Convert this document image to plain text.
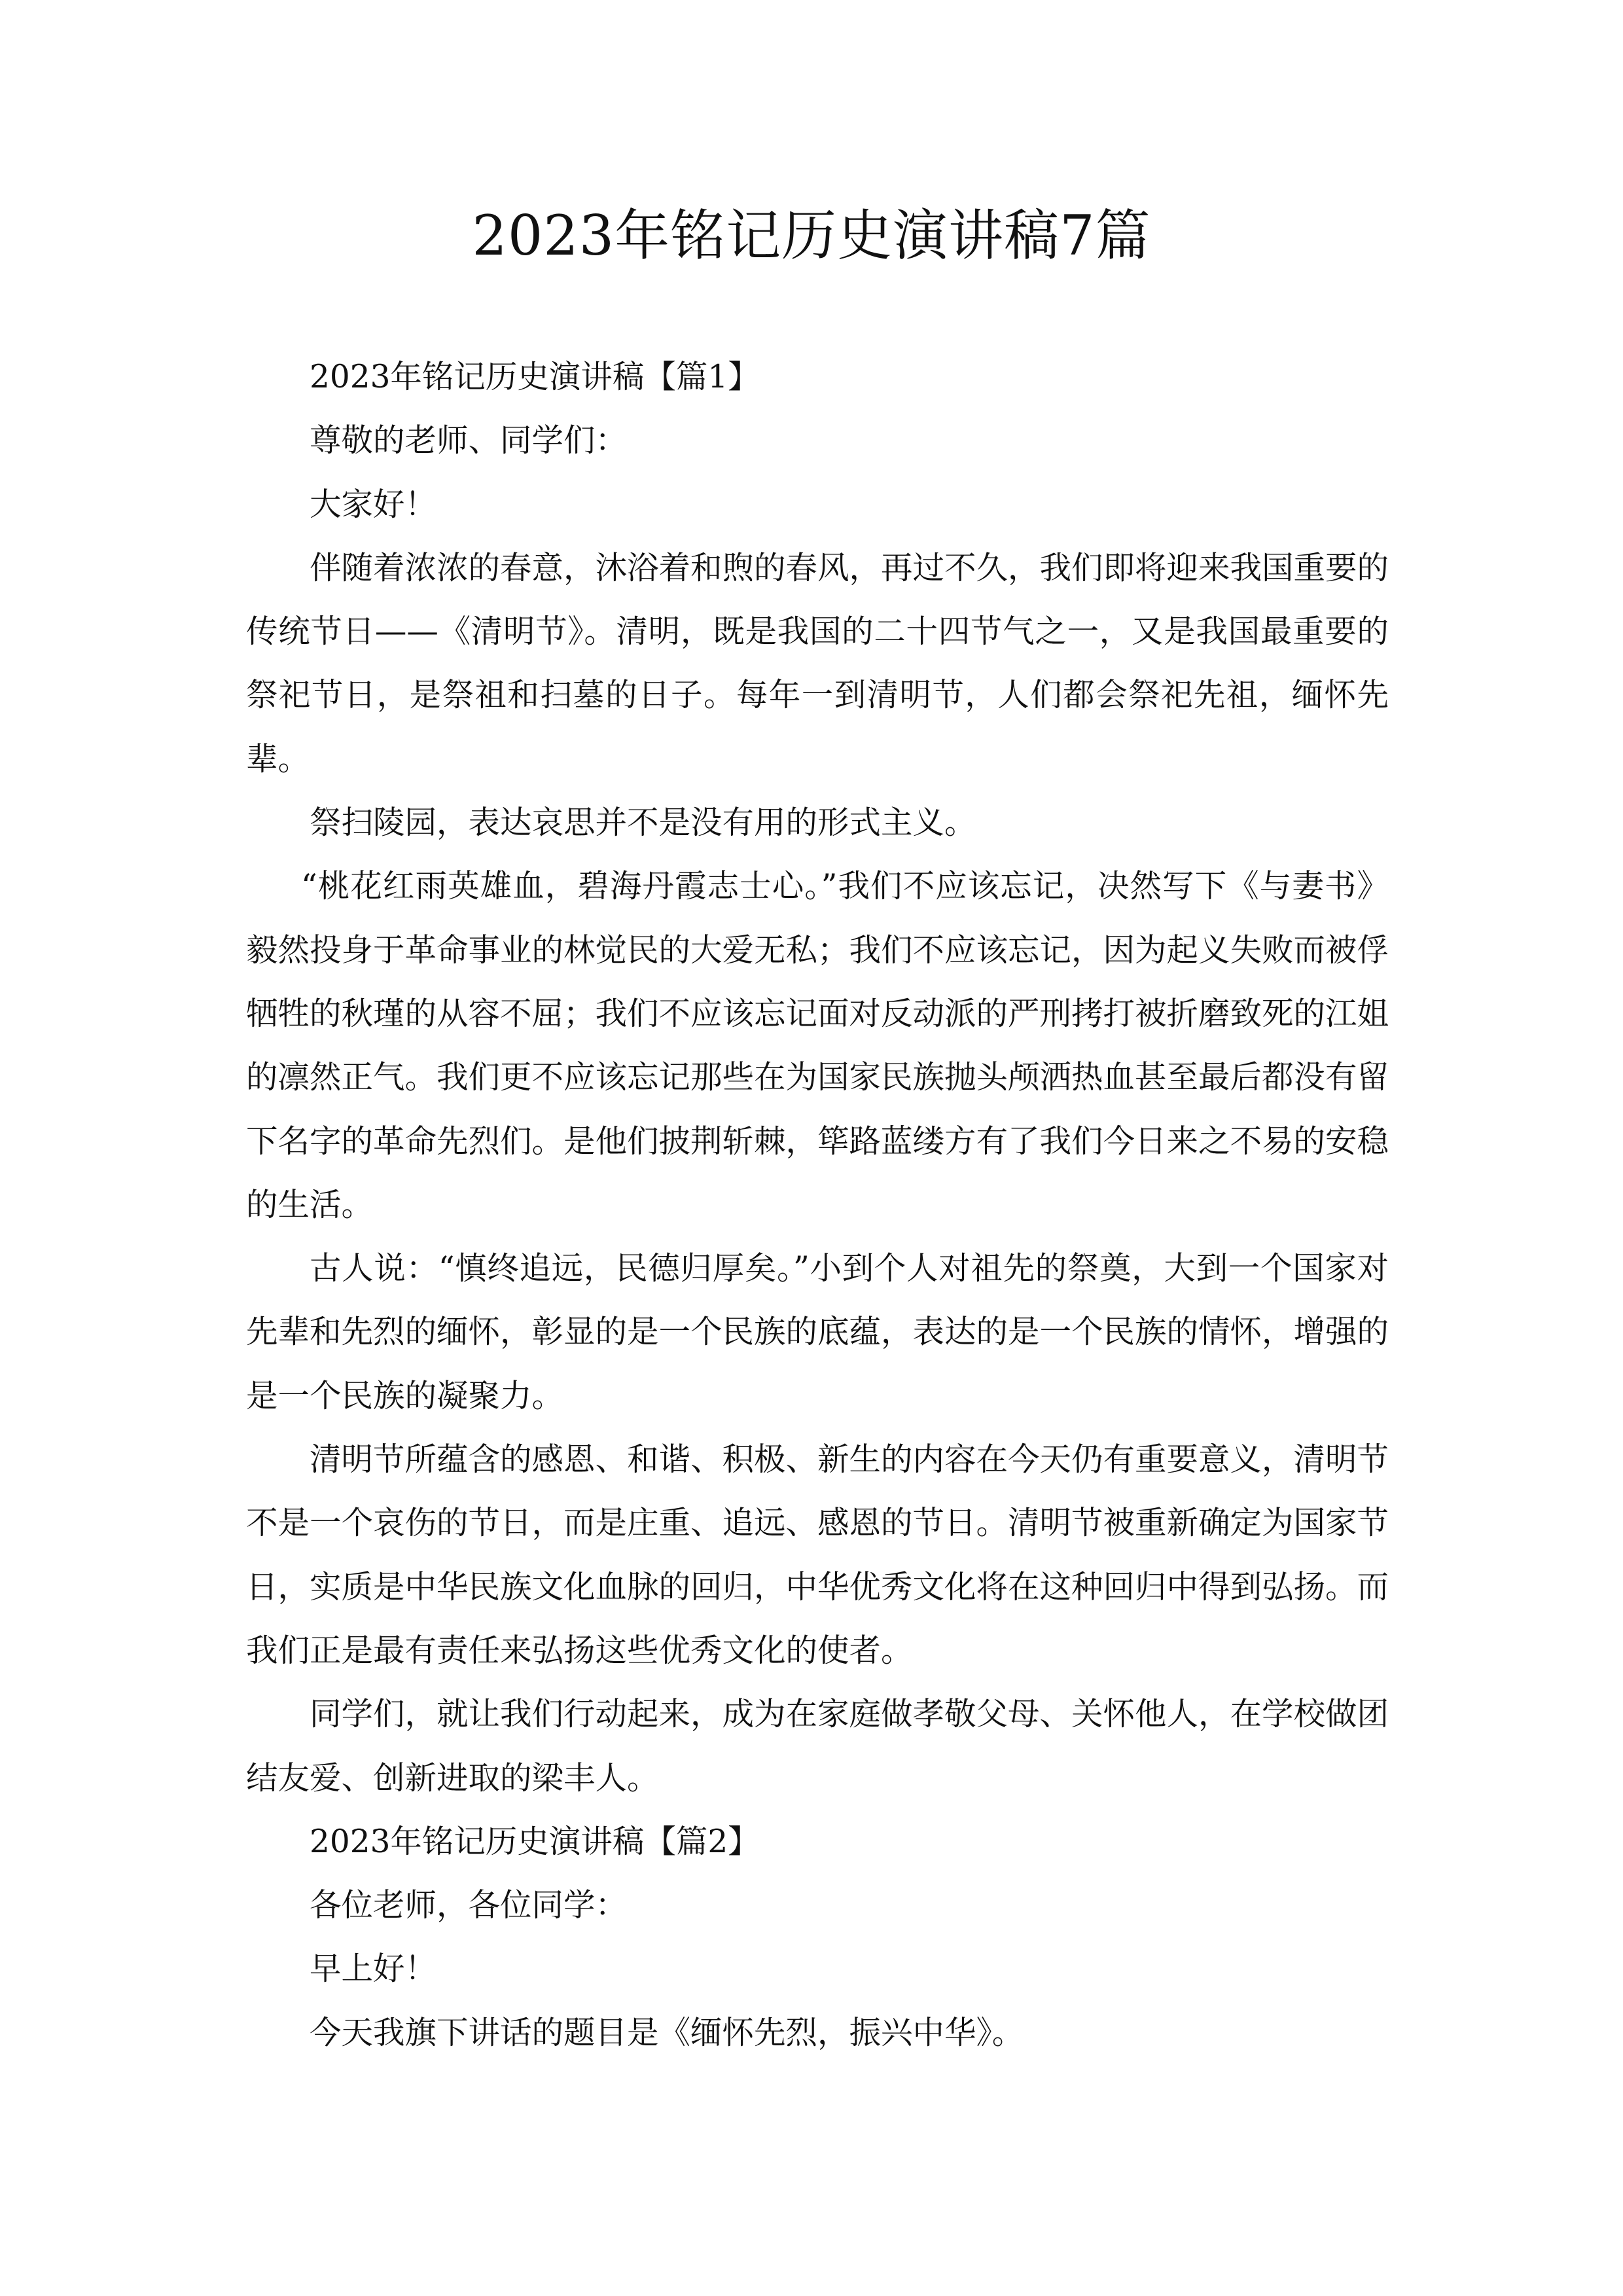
2023年铭记历史演讲稿7篇

2023年铭记历史演讲稿【篇1】

尊敬的老师、同学们：

大家好！

伴随着浓浓的春意，沐浴着和煦的春风，再过不久，我们即将迎来我国重要的传统节日——《清明节》。清明，既是我国的二十四节气之一，又是我国最重要的祭祀节日，是祭祖和扫墓的日子。每年一到清明节，人们都会祭祀先祖，缅怀先辈。

祭扫陵园，表达哀思并不是没有用的形式主义。

“桃花红雨英雄血，碧海丹霞志士心。”我们不应该忘记，决然写下《与妻书》毅然投身于革命事业的林觉民的大爱无私；我们不应该忘记，因为起义失败而被俘牺牲的秋瑾的从容不屈；我们不应该忘记面对反动派的严刑拷打被折磨致死的江姐的凛然正气。我们更不应该忘记那些在为国家民族抛头颅洒热血甚至最后都没有留下名字的革命先烈们。是他们披荆斩棘，筚路蓝缕方有了我们今日来之不易的安稳的生活。

古人说：“慎终追远，民德归厚矣。”小到个人对祖先的祭奠，大到一个国家对先辈和先烈的缅怀，彰显的是一个民族的底蕴，表达的是一个民族的情怀，增强的是一个民族的凝聚力。

清明节所蕴含的感恩、和谐、积极、新生的内容在今天仍有重要意义，清明节不是一个哀伤的节日，而是庄重、追远、感恩的节日。清明节被重新确定为国家节日，实质是中华民族文化血脉的回归，中华优秀文化将在这种回归中得到弘扬。而我们正是最有责任来弘扬这些优秀文化的使者。

同学们，就让我们行动起来，成为在家庭做孝敬父母、关怀他人，在学校做团结友爱、创新进取的梁丰人。

2023年铭记历史演讲稿【篇2】

各位老师，各位同学：

早上好！

今天我旗下讲话的题目是《缅怀先烈，振兴中华》。
